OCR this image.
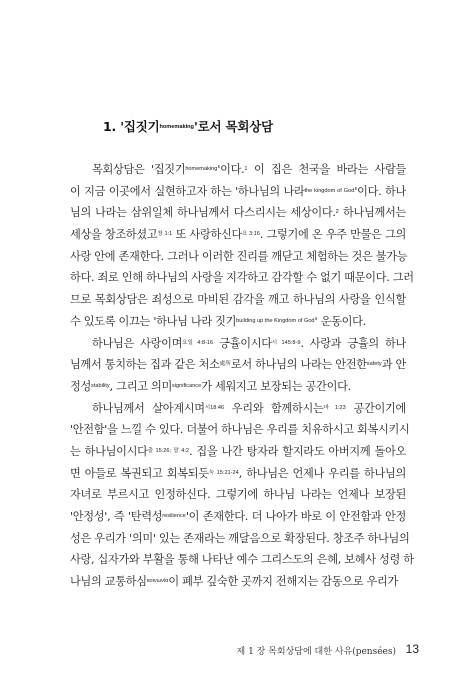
1. '집짓기$^{homemaking}$'로서 목회상담
목회상담은 '집짓기$^{homemaking}$'이다.$^1$ 이 집은 천국을 바라는 사람들
이 지금 이곳에서 실현하고자 하는 '하나님의 나라$^{the kingdom of God}$'이다. 하나
님의 나라는 삼위일체 하나님께서 다스리시는 세상이다.$^2$ 하나님께서는
세상을 창조하셨고$^{창 1:1}$ 또 사랑하신다$^{요 3:16}$. 그렇기에 온 우주 만물은 그의
사랑 안에 존재한다. 그러나 이러한 진리를 깨닫고 체험하는 것은 불가능
하다. 죄로 인해 하나님의 사랑을 지각하고 감각할 수 없기 때문이다. 그러
므로 목회상담은 죄성으로 마비된 감각을 깨고 하나님의 사랑을 인식할
수 있도록 이끄는 '하나님 나라 짓기$^{building up the Kingdom of God}$' 운동이다.
하나님은 사랑이며$^{요일 4:8-16}$ 긍휼이시다$^{시 145:8-9}$. 사랑과 긍휼의 하나
님께서 통치하는 집과 같은 처소$^{處所}$로서 하나님의 나라는 안전한$^{safety}$과 안
정성$^{stability}$, 그리고 의미$^{significance}$가 세워지고 보장되는 공간이다.
하나님께서 살아계시며$^{시18:46}$ 우리와 함께하시는$^{마 1:23}$ 공간이기에
'안전함'을 느낄 수 있다. 더불어 하나님은 우리를 치유하시고 회복시키시
는 하나님이시다$^{출 15:26; 말 4:2}$. 집을 나간 탕자라 할지라도 아버지께 돌아오
면 아들로 복권되고 회복되듯$^{눅 15:21-24}$, 하나님은 언제나 우리를 하나님의
자녀로 부르시고 인정하신다. 그렇기에 하나님 나라는 언제나 보장된
'안정성', 즉 '탄력성$^{resilience}$'이 존재한다. 더 나아가 바로 이 안전함과 안정
성은 우리가 '의미' 있는 존재라는 깨달음으로 확장된다. 창조주 하나님의
사랑, 십자가와 부활을 통해 나타난 예수 그리스도의 은혜, 보혜사 성령 하
나님의 교통하심$^{\kappa o\iota\nu\omega\nu ί\alpha}$이 폐부 깊숙한 곳까지 전해지는 감동으로 우리가
제 1 장 목회상담에 대한 사유(pensées) 13
